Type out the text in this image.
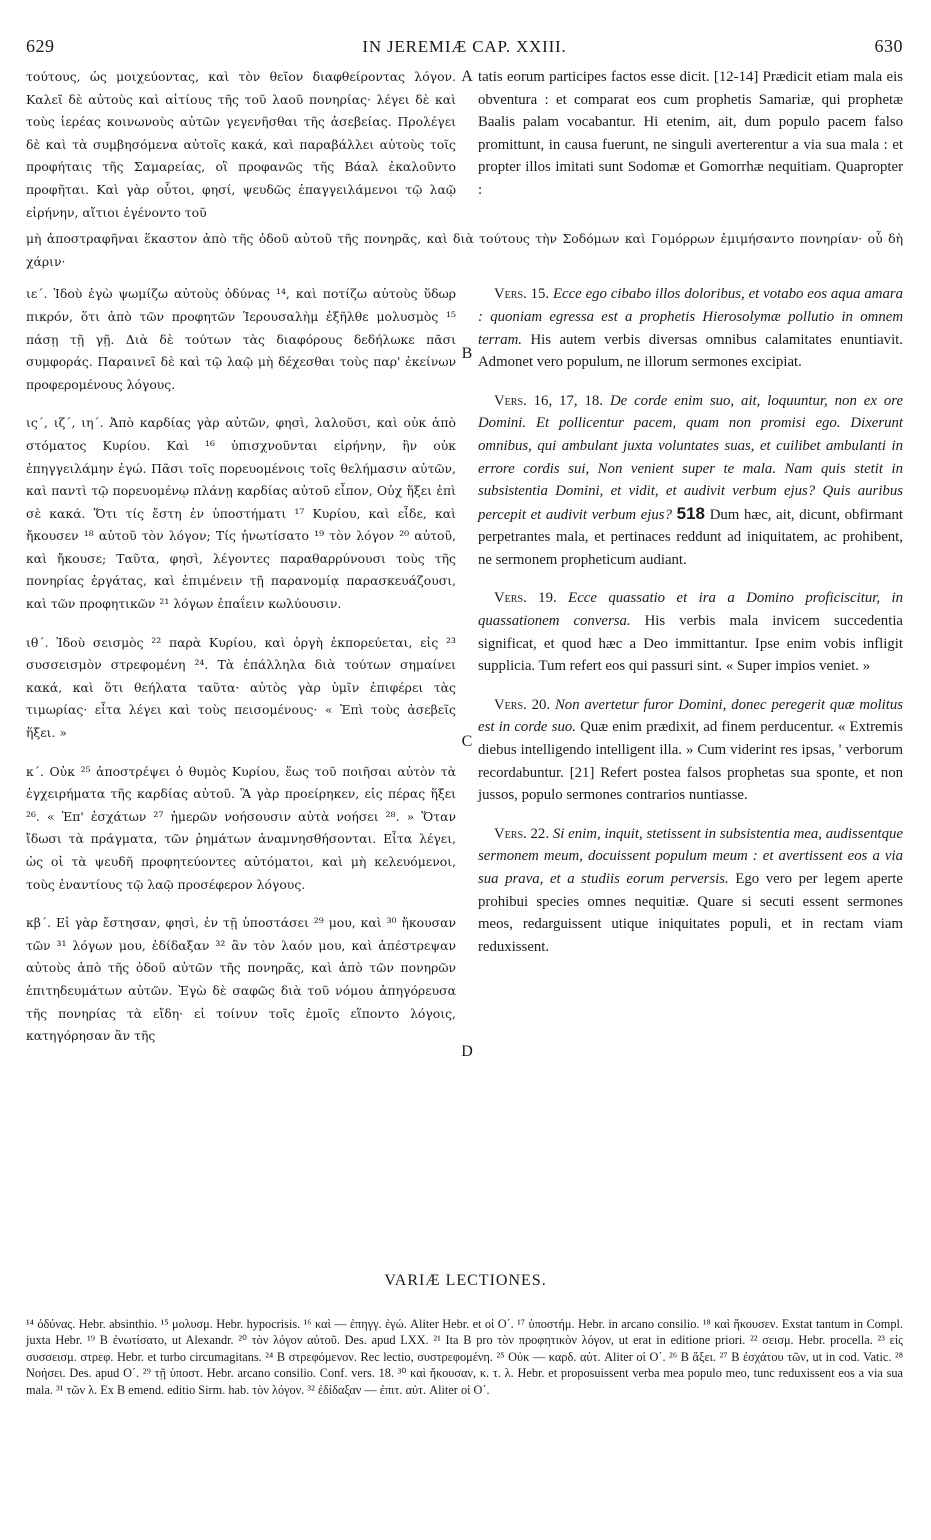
629	IN JEREMIÆ CAP. XXIII.	630

τούτους, ὡς μοιχεύοντας, καὶ τὸν θεῖον διαφθείροντας λόγον. Καλεῖ δὲ αὐτοὺς καὶ αἰτίους τῆς τοῦ λαοῦ πονηρίας· λέγει δὲ καὶ τοὺς ἱερέας κοινωνοὺς αὐτῶν γεγενῆσθαι τῆς ἀσεβείας. Προλέγει δὲ καὶ τὰ συμβησόμενα αὐτοῖς κακά, καὶ παραβάλλει αὐτοὺς τοῖς προφήταις τῆς Σαμαρείας, οἳ προφανῶς τῆς Βάαλ ἐκαλοῦντο προφῆται. Καὶ γὰρ οὗτοι, φησί, ψευδῶς ἐπαγγειλάμενοι τῷ λαῷ εἰρήνην, αἴτιοι ἐγένοντο τοῦ

A tatis eorum participes factos esse dicit. [12-14] Prædicit etiam mala eis obventura : et comparat eos cum prophetis Samariæ, qui prophetæ Baalis palam vocabantur. Hi etenim, ait, dum populo pacem falso promittunt, in causa fuerunt, ne singuli averterentur a via sua mala : et propter illos imitati sunt Sodomæ et Gomorrhæ nequitiam. Quapropter :

μὴ ἀποστραφῆναι ἕκαστον ἀπὸ τῆς ὁδοῦ αὐτοῦ τῆς πονηρᾶς, καὶ διὰ τούτους τὴν Σοδόμων καὶ Γομόρρων ἐμιμήσαντο πονηρίαν· οὗ δὴ χάριν·

ιε΄. Ἰδοὺ ἐγὼ ψωμίζω αὐτοὺς ὀδύνας ¹⁴, καὶ ποτίζω αὐτοὺς ὕδωρ πικρόν, ὅτι ἀπὸ τῶν προφητῶν Ἱερουσαλὴμ ἐξῆλθε μολυσμὸς ¹⁵ πάσῃ τῇ γῇ. Διὰ δὲ τούτων τὰς διαφόρους δεδήλωκε πᾶσι συμφοράς. Παραινεῖ δὲ καὶ τῷ λαῷ μὴ δέχεσθαι τοὺς παρ' ἐκείνων προφερομένους λόγους.

ις΄, ιζ΄, ιη΄. Ἀπὸ καρδίας γὰρ αὐτῶν, φησὶ, λαλοῦσι, καὶ οὐκ ἀπὸ στόματος Κυρίου. Καὶ ¹⁶ ὑπισχνοῦνται εἰρήνην, ἣν οὐκ ἐπηγγειλάμην ἐγώ. Πᾶσι τοῖς πορευομένοις τοῖς θελήμασιν αὐτῶν, καὶ παντὶ τῷ πορευομένῳ πλάνῃ καρδίας αὐτοῦ εἶπον, Οὐχ ἥξει ἐπὶ σὲ κακά. Ὅτι τίς ἔστη ἐν ὑποστήματι ¹⁷ Κυρίου, καὶ εἶδε, καὶ ἤκουσεν ¹⁸ αὐτοῦ τὸν λόγον; Τίς ἠνωτίσατο ¹⁹ τὸν λόγον ²⁰ αὐτοῦ, καὶ ἤκουσε; Ταῦτα, φησὶ, λέγοντες παραθαρρύνουσι τοὺς τῆς πονηρίας ἐργάτας, καὶ ἐπιμένειν τῇ παρανομίᾳ παρασκευάζουσι, καὶ τῶν προφητικῶν ²¹ λόγων ἐπαΐειν κωλύουσιν.

ιθ΄. Ἰδοὺ σεισμὸς ²² παρὰ Κυρίου, καὶ ὀργὴ ἐκπορεύεται, εἰς ²³ συσσεισμὸν στρεφομένη ²⁴. Τὰ ἐπάλληλα διὰ τούτων σημαίνει κακά, καὶ ὅτι θεήλατα ταῦτα· αὐτὸς γὰρ ὑμῖν ἐπιφέρει τὰς τιμωρίας· εἶτα λέγει καὶ τοὺς πεισομένους· « Ἐπὶ τοὺς ἀσεβεῖς ἥξει. »

κ΄. Οὐκ ²⁵ ἀποστρέψει ὁ θυμὸς Κυρίου, ἕως τοῦ ποιῆσαι αὐτὸν τὰ ἐγχειρήματα τῆς καρδίας αὐτοῦ. Ἃ γὰρ προείρηκεν, εἰς πέρας ἥξει ²⁶. « Ἐπ' ἐσχάτων ²⁷ ἡμερῶν νοήσουσιν αὐτὰ νοήσει ²⁸. » Ὅταν ἴδωσι τὰ πράγματα, τῶν ῥημάτων ἀναμνησθήσονται. Εἶτα λέγει, ὡς οἱ τὰ ψευδῆ προφητεύοντες αὐτόματοι, καὶ μὴ κελευόμενοι, τοὺς ἐναντίους τῷ λαῷ προσέφερον λόγους.

κβ΄. Εἰ γὰρ ἔστησαν, φησὶ, ἐν τῇ ὑποστάσει ²⁹ μου, καὶ ³⁰ ἤκουσαν τῶν ³¹ λόγων μου, ἐδίδαξαν ³² ἂν τὸν λαόν μου, καὶ ἀπέστρεψαν αὐτοὺς ἀπὸ τῆς ὁδοῦ αὐτῶν τῆς πονηρᾶς, καὶ ἀπὸ τῶν πονηρῶν ἐπιτηδευμάτων αὐτῶν. Ἐγὼ δὲ σαφῶς διὰ τοῦ νόμου ἀπηγόρευσα τῆς πονηρίας τὰ εἴδη· εἰ τοίνυν τοῖς ἐμοῖς εἵποντο λόγοις, κατηγόρησαν ἂν τῆς

B
C
D

Vers. 15. Ecce ego cibabo illos doloribus, et votabo eos aqua amara : quoniam egressa est a prophetis Hierosolymæ pollutio in omnem terram. His autem verbis diversas omnibus calamitates enuntiavit. Admonet vero populum, ne illorum sermones excipiat.

Vers. 16, 17, 18. De corde enim suo, ait, loquuntur, non ex ore Domini. Et pollicentur pacem, quam non promisi ego. Dixerunt omnibus, qui ambulant juxta voluntates suas, et cuilibet ambulanti in errore cordis sui, Non venient super te mala. Nam quis stetit in subsistentia Domini, et vidit, et audivit verbum ejus? Quis auribus percepit et audivit verbum ejus? 518 Dum hæc, ait, dicunt, obfirmant perpetrantes mala, et pertinaces reddunt ad iniquitatem, ac prohibent, ne sermonem propheticum audiant.

Vers. 19. Ecce quassatio et ira a Domino proficiscitur, in quassationem conversa. His verbis mala invicem succedentia significat, et quod hæc a Deo immittantur. Ipse enim vobis infligit supplicia. Tum refert eos qui passuri sint. « Super impios veniet. »

Vers. 20. Non avertetur furor Domini, donec peregerit quæ molitus est in corde suo. Quæ enim prædixit, ad finem perducentur. « Extremis diebus intelligendo intelligent illa. » Cum viderint res ipsas, ' verborum recordabuntur. [21] Refert postea falsos prophetas sua sponte, et non jussos, populo sermones contrarios nuntiasse.

Vers. 22. Si enim, inquit, stetissent in subsistentia mea, audissentque sermonem meum, docuissent populum meum : et avertissent eos a via sua prava, et a studiis eorum perversis. Ego vero per legem aperte prohibui species omnes nequitiæ. Quare si secuti essent sermones meos, redarguissent utique iniquitates populi, et in rectam viam reduxissent.

VARIÆ LECTIONES.
¹⁴ ὀδύνας. Hebr. absinthio. ¹⁵ μολυσμ. Hebr. hypocrisis. ¹⁶ καὶ — ἐπηγγ. ἐγώ. Aliter Hebr. et οἱ Ο΄. ¹⁷ ὑποστήμ. Hebr. in arcano consilio. ¹⁸ καὶ ἤκουσεν. Exstat tantum in Compl. juxta Hebr. ¹⁹ B ἐνωτίσατο, ut Alexandr. ²⁰ τὸν λόγον αὐτοῦ. Des. apud LXX. ²¹ Ita B pro τὸν προφητικὸν λόγον, ut erat in editione priori. ²² σεισμ. Hebr. procella. ²³ εἰς συσσεισμ. στρεφ. Hebr. et turbo circumagitans. ²⁴ B στρεφόμενον. Rec lectio, συστρεφομένη. ²⁵ Οὐκ — καρδ. αὐτ. Aliter οἱ Ο΄. ²⁶ B ἄξει. ²⁷ B ἐσχάτου τῶν, ut in cod. Vatic. ²⁸ Νοήσει. Des. apud Ο΄. ²⁹ τῇ ὑποστ. Hebr. arcano consilio. Conf. vers. 18. ³⁰ καὶ ἤκουσαν, κ. τ. λ. Hebr. et proposuissent verba mea populo meo, tunc reduxissent eos a via sua mala. ³¹ τῶν λ. Ex B emend. editio Sirm. hab. τὸν λόγον. ³² ἐδίδαξαν — ἐπιτ. αὐτ. Aliter οἱ Ο΄.
